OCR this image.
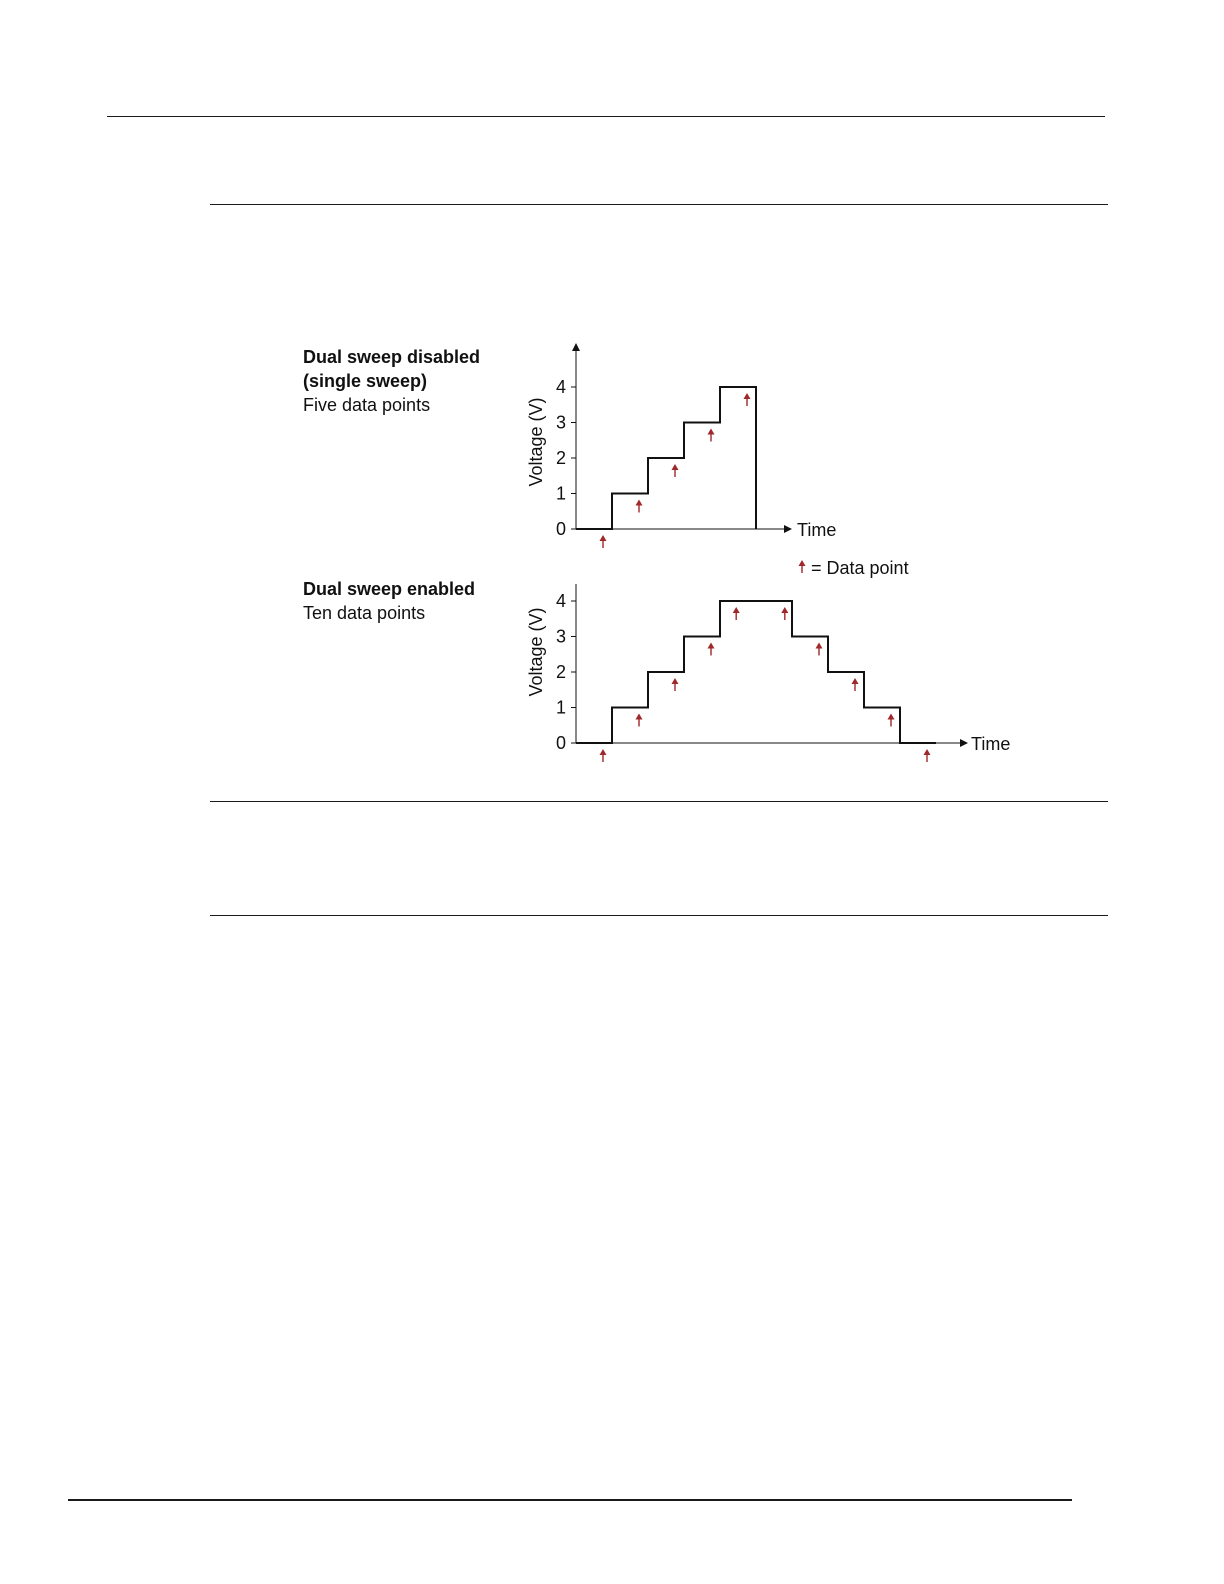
Dual sweep disabled
(single sweep)
Five data points
Dual sweep enabled
Ten data points
0
1
2
3
4
Voltage (V)
Time
0
1
2
3
4
Voltage (V)
Time
= Data point
